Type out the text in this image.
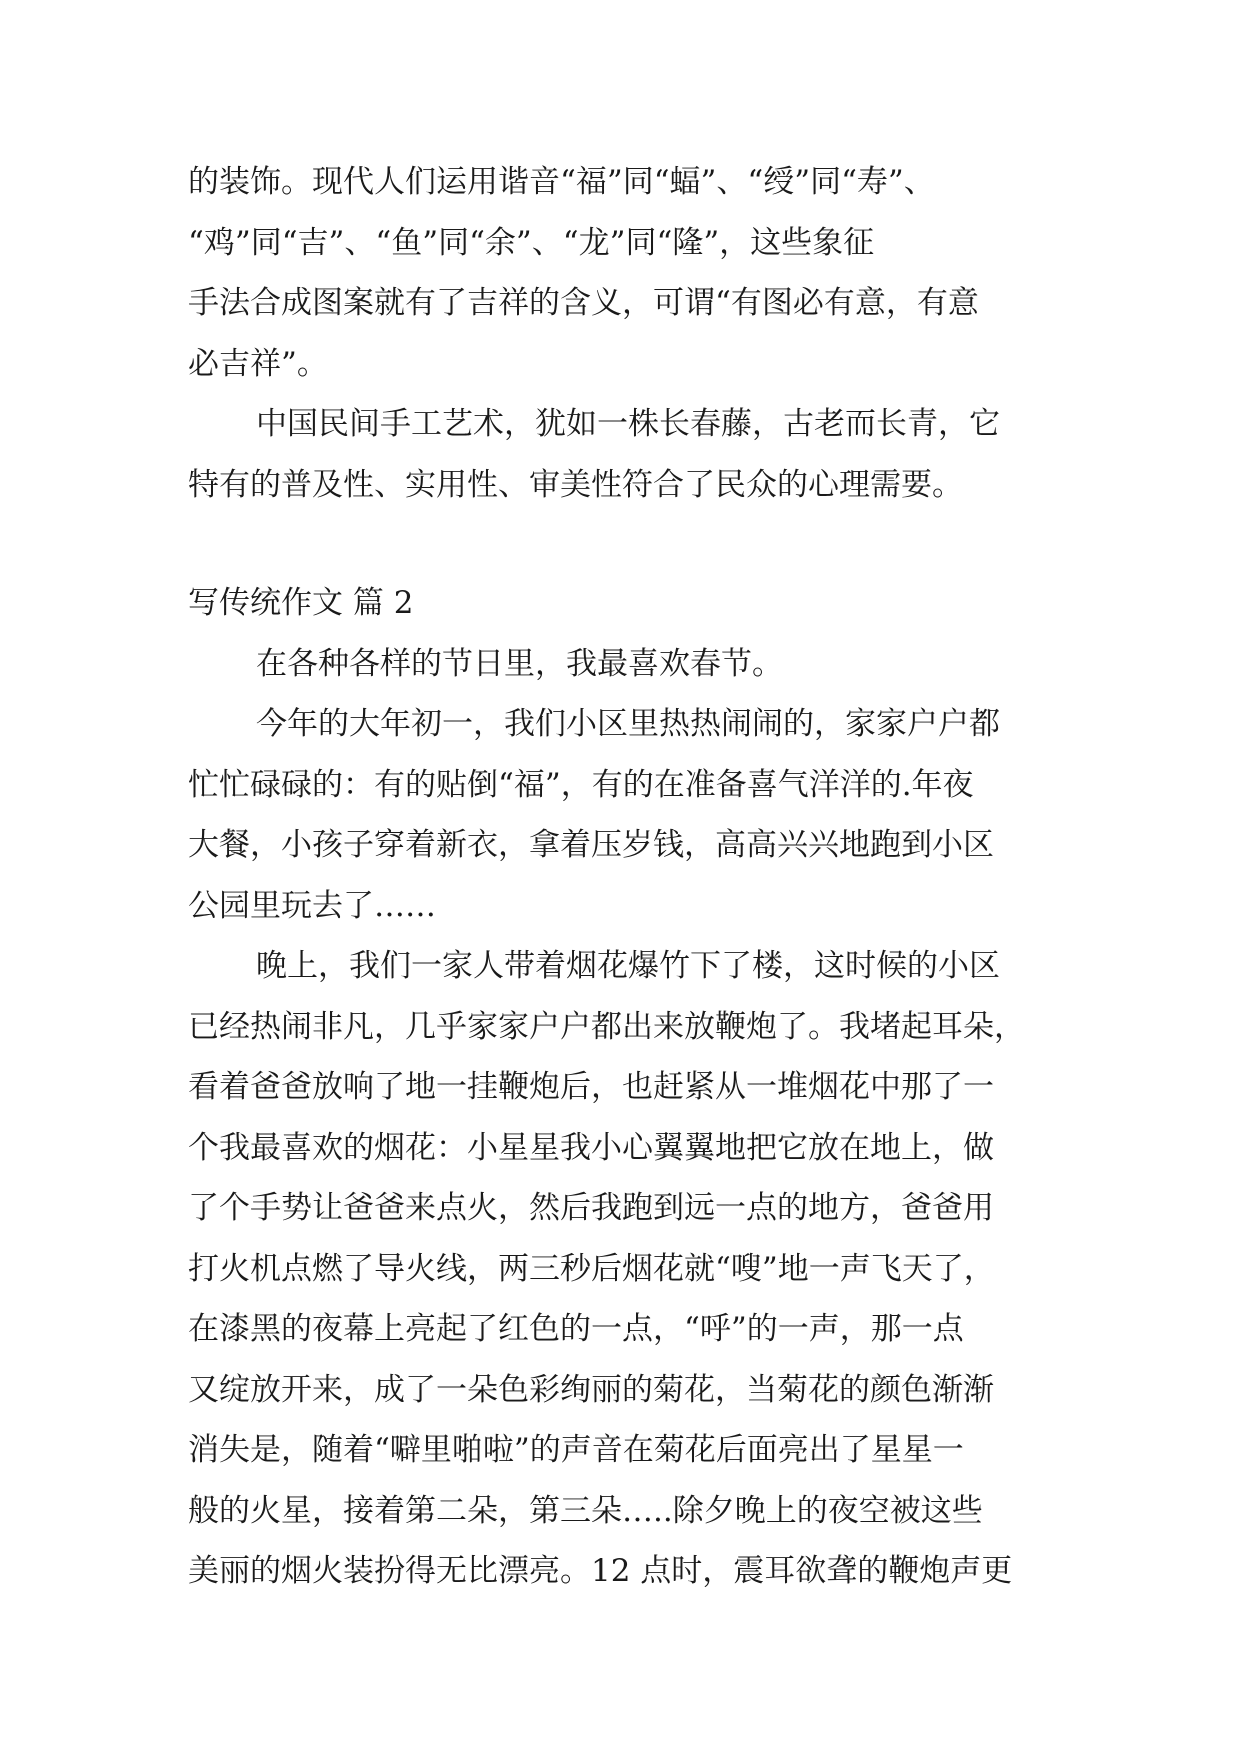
的装饰。现代人们运用谐音“福”同“蝠”、“绶”同“寿”、
“鸡”同“吉”、“鱼”同“余”、“龙”同“隆”，这些象征
手法合成图案就有了吉祥的含义，可谓“有图必有意，有意
必吉祥”。
中国民间手工艺术，犹如一株长春藤，古老而长青，它
特有的普及性、实用性、审美性符合了民众的心理需要。
写传统作文 篇 2
在各种各样的节日里，我最喜欢春节。
今年的大年初一，我们小区里热热闹闹的，家家户户都
忙忙碌碌的：有的贴倒“福”，有的在准备喜气洋洋的.年夜
大餐，小孩子穿着新衣，拿着压岁钱，高高兴兴地跑到小区
公园里玩去了……
晚上，我们一家人带着烟花爆竹下了楼，这时候的小区
已经热闹非凡，几乎家家户户都出来放鞭炮了。我堵起耳朵，
看着爸爸放响了地一挂鞭炮后，也赶紧从一堆烟花中那了一
个我最喜欢的烟花：小星星我小心翼翼地把它放在地上，做
了个手势让爸爸来点火，然后我跑到远一点的地方，爸爸用
打火机点燃了导火线，两三秒后烟花就“嗖”地一声飞天了，
在漆黑的夜幕上亮起了红色的一点，“呼”的一声，那一点
又绽放开来，成了一朵色彩绚丽的菊花，当菊花的颜色渐渐
消失是，随着“噼里啪啦”的声音在菊花后面亮出了星星一
般的火星，接着第二朵，第三朵…..除夕晚上的夜空被这些
美丽的烟火装扮得无比漂亮。12 点时，震耳欲聋的鞭炮声更
